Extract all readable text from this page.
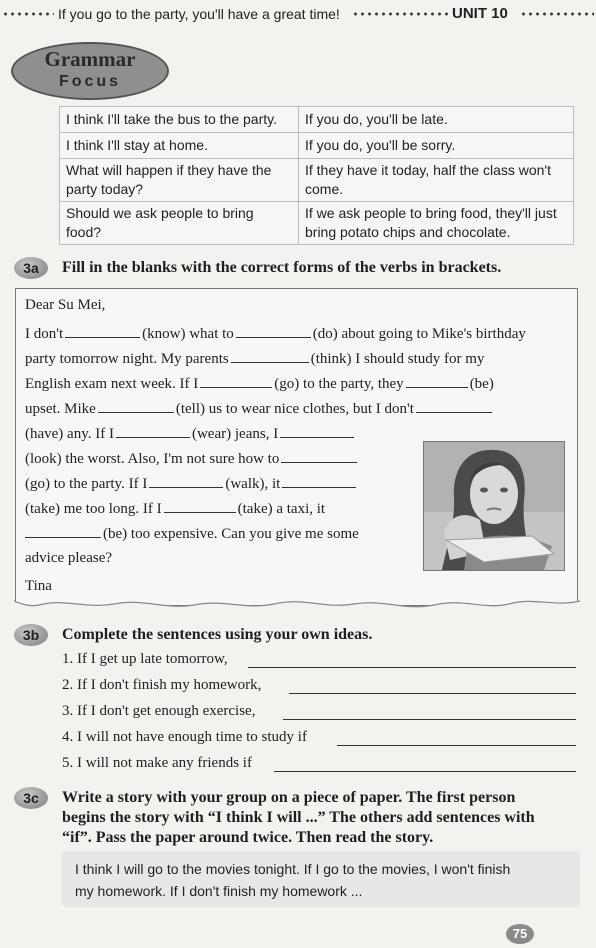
If you go to the party, you'll have a great time!	UNIT 10
Grammar
Focus
I think I'll take the bus to the party.	If you do, you'll be late.
I think I'll stay at home.	If you do, you'll be sorry.
What will happen if they have the party today?	If they have it today, half the class won't come.
Should we ask people to bring food?	If we ask people to bring food, they'll just bring potato chips and chocolate.
3a	Fill in the blanks with the correct forms of the verbs in brackets.
Dear Su Mei,
I don't	(know) what to	(do) about going to Mike's birthday
party tomorrow night. My parents	(think) I should study for my
English exam next week. If I	(go) to the party, they	(be)
upset. Mike	(tell) us to wear nice clothes, but I don't
(have) any. If I	(wear) jeans, I
(look) the worst. Also, I'm not sure how to
(go) to the party. If I	(walk), it
(take) me too long. If I	(take) a taxi, it
(be) too expensive. Can you give me some
advice please?
Tina
3b	Complete the sentences using your own ideas.
1. If I get up late tomorrow,
2. If I don't finish my homework,
3. If I don't get enough exercise,
4. I will not have enough time to study if
5. I will not make any friends if
3c	Write a story with your group on a piece of paper. The first person
begins the story with “I think I will ...” The others add sentences with
“if”. Pass the paper around twice. Then read the story.
I think I will go to the movies tonight. If I go to the movies, I won't finish
my homework. If I don't finish my homework ...
75
